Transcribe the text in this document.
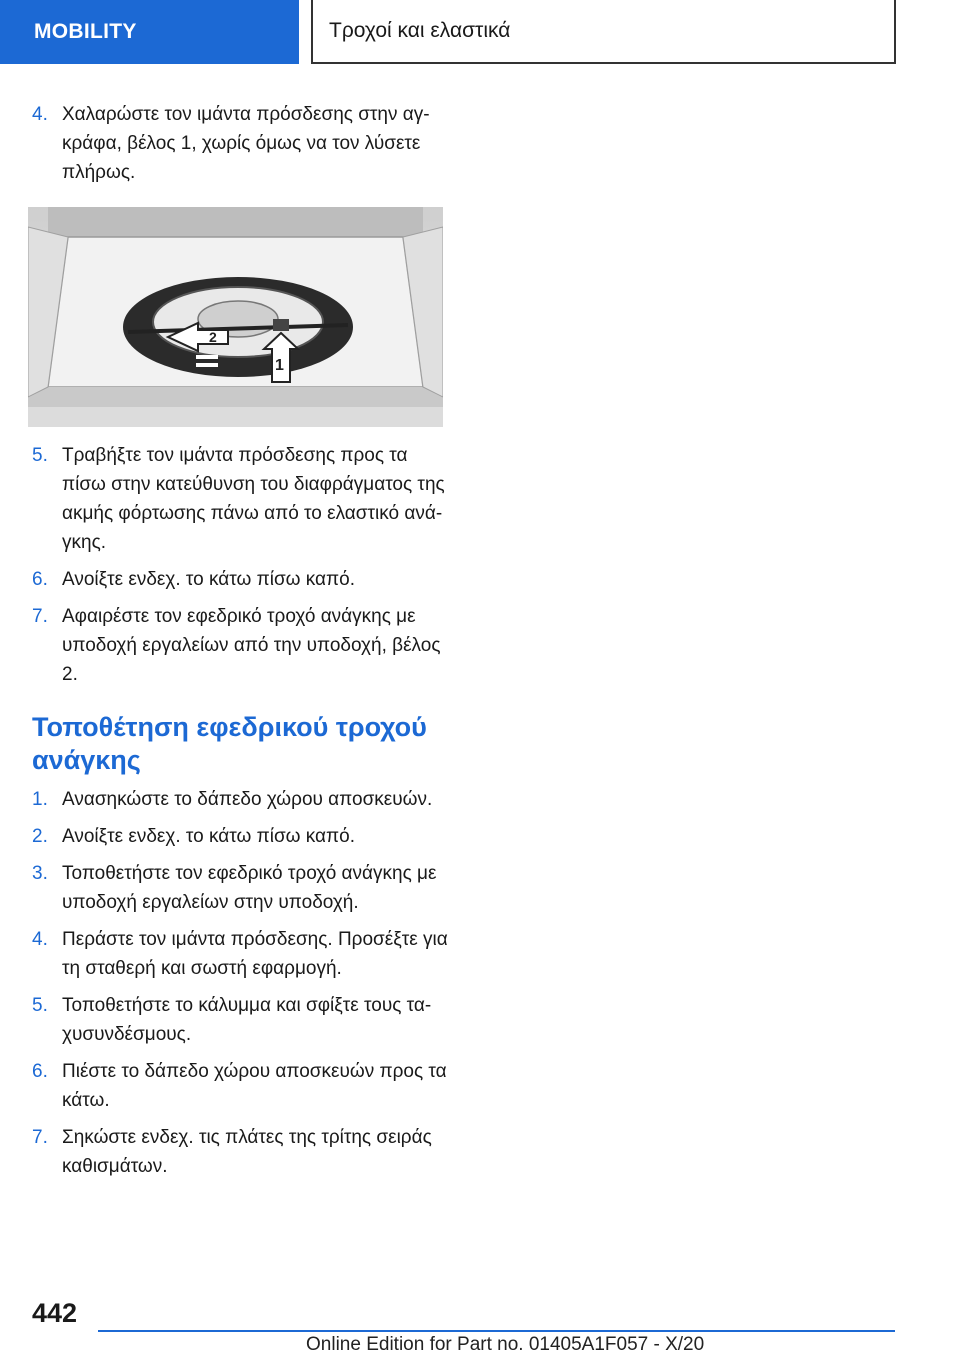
MOBILITY	Τροχοί και ελαστικά
4. Χαλαρώστε τον ιμάντα πρόσδεσης στην αγκράφα, βέλος 1, χωρίς όμως να τον λύσετε πλήρως.
2
1
5. Τραβήξτε τον ιμάντα πρόσδεσης προς τα πίσω στην κατεύθυνση του διαφράγματος της ακμής φόρτωσης πάνω από το ελαστικό ανάγκης.
6. Ανοίξτε ενδεχ. το κάτω πίσω καπό.
7. Αφαιρέστε τον εφεδρικό τροχό ανάγκης με υποδοχή εργαλείων από την υποδοχή, βέλος 2.
Τοποθέτηση εφεδρικού τροχού ανάγκης
1. Ανασηκώστε το δάπεδο χώρου αποσκευών.
2. Ανοίξτε ενδεχ. το κάτω πίσω καπό.
3. Τοποθετήστε τον εφεδρικό τροχό ανάγκης με υποδοχή εργαλείων στην υποδοχή.
4. Περάστε τον ιμάντα πρόσδεσης. Προσέξτε για τη σταθερή και σωστή εφαρμογή.
5. Τοποθετήστε το κάλυμμα και σφίξτε τους ταχυσυνδέσμους.
6. Πιέστε το δάπεδο χώρου αποσκευών προς τα κάτω.
7. Σηκώστε ενδεχ. τις πλάτες της τρίτης σειράς καθισμάτων.
442
Online Edition for Part no. 01405A1F057 - X/20
